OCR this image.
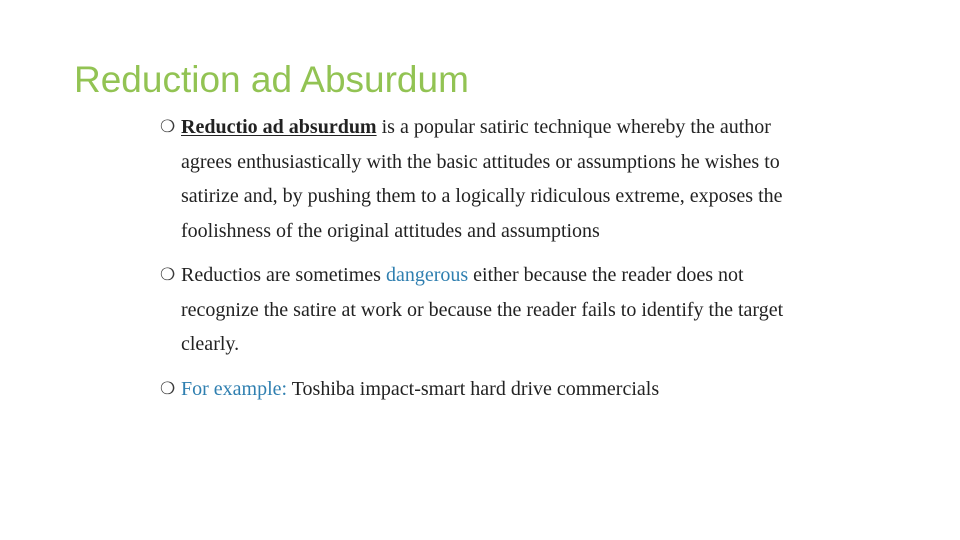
Reduction ad Absurdum
❍ Reductio ad absurdum is a popular satiric technique whereby the author agrees enthusiastically with the basic attitudes or assumptions he wishes to satirize and, by pushing them to a logically ridiculous extreme, exposes the foolishness of the original attitudes and assumptions
❍ Reductios are sometimes dangerous either because the reader does not recognize the satire at work or because the reader fails to identify the target clearly.
❍ For example: Toshiba impact-smart hard drive commercials
